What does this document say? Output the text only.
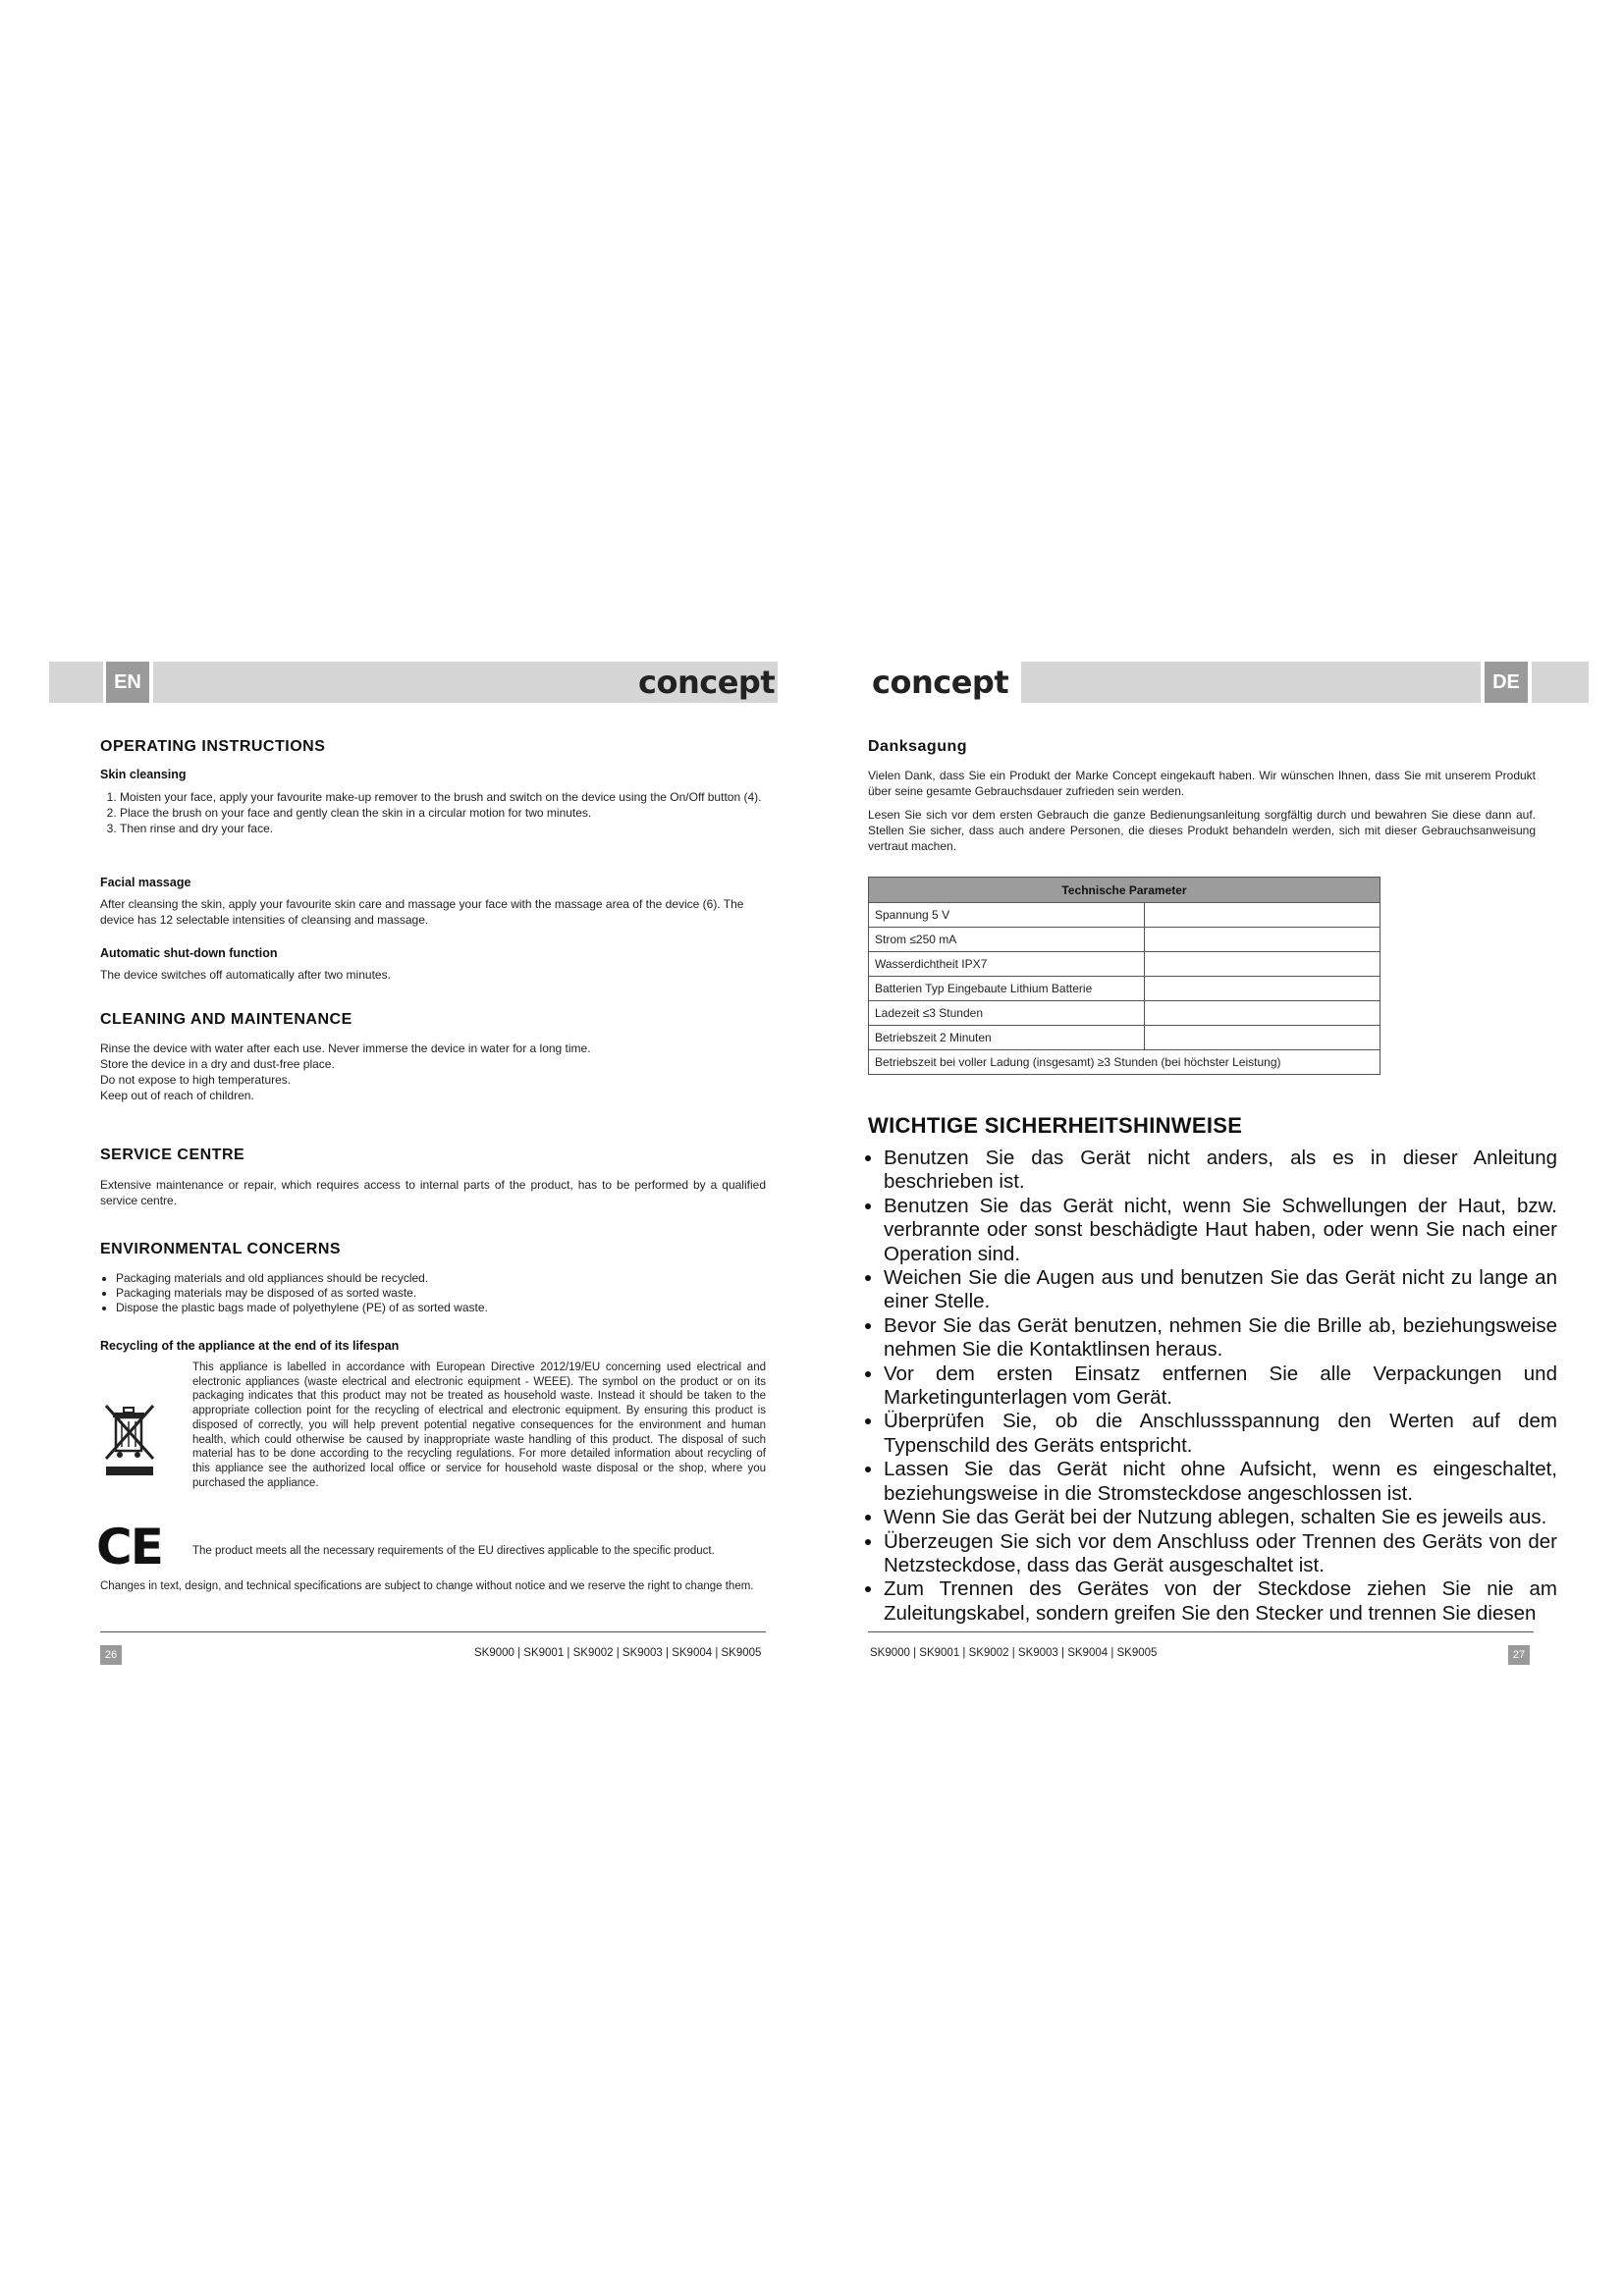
EN	concept	concept	DE
OPERATING INSTRUCTIONS
Skin cleansing
1. Moisten your face, apply your favourite make-up remover to the brush and switch on the device using the On/Off button (4).
2. Place the brush on your face and gently clean the skin in a circular motion for two minutes.
3. Then rinse and dry your face.
Facial massage

After cleansing the skin, apply your favourite skin care and massage your face with the massage area of the device (6). The device has 12 selectable intensities of cleansing and massage.

Automatic shut-down function

The device switches off automatically after two minutes.

CLEANING AND MAINTENANCE
Rinse the device with water after each use. Never immerse the device in water for a long time.
Store the device in a dry and dust-free place.
Do not expose to high temperatures.
Keep out of reach of children.
SERVICE CENTRE

Extensive maintenance or repair, which requires access to internal parts of the product, has to be performed by a qualified service centre.

ENVIRONMENTAL CONCERNS
• Packaging materials and old appliances should be recycled.
• Packaging materials may be disposed of as sorted waste.
• Dispose the plastic bags made of polyethylene (PE) of as sorted waste.
Recycling of the appliance at the end of its lifespan

This appliance is labelled in accordance with European Directive 2012/19/EU concerning used electrical and electronic appliances (waste electrical and electronic equipment - WEEE). The symbol on the product or on its packaging indicates that this product may not be treated as household waste. Instead it should be taken to the appropriate collection point for the recycling of electrical and electronic equipment. By ensuring this product is disposed of correctly, you will help prevent potential negative consequences for the environment and human health, which could otherwise be caused by inappropriate waste handling of this product. The disposal of such material has to be done according to the recycling regulations. For more detailed information about recycling of this appliance see the authorized local office or service for household waste disposal or the shop, where you purchased the appliance.

CE	The product meets all the necessary requirements of the EU directives applicable to the specific product.

Changes in text, design, and technical specifications are subject to change without notice and we reserve the right to change them.

26	SK9000 | SK9001 | SK9002 | SK9003 | SK9004 | SK9005
Danksagung

Vielen Dank, dass Sie ein Produkt der Marke Concept eingekauft haben. Wir wünschen Ihnen, dass Sie mit unserem Produkt über seine gesamte Gebrauchsdauer zufrieden sein werden.

Lesen Sie sich vor dem ersten Gebrauch die ganze Bedienungsanleitung sorgfältig durch und bewahren Sie diese dann auf. Stellen Sie sicher, dass auch andere Personen, die dieses Produkt behandeln werden, sich mit dieser Gebrauchsanweisung vertraut machen.

Technische Parameter	
Spannung 5 V	
Strom ≤250 mA	
Wasserdichtheit IPX7	
Batterien Typ Eingebaute Lithium Batterie	
Ladezeit ≤3 Stunden	
Betriebszeit 2 Minuten	
Betriebszeit bei voller Ladung (insgesamt) ≥3 Stunden (bei höchster Leistung)	
WICHTIGE SICHERHEITSHINWEISE
• Benutzen Sie das Gerät nicht anders, als es in dieser Anleitung beschrieben ist.
• Benutzen Sie das Gerät nicht, wenn Sie Schwellungen der Haut, bzw. verbrannte oder sonst beschädigte Haut haben, oder wenn Sie nach einer Operation sind.
• Weichen Sie die Augen aus und benutzen Sie das Gerät nicht zu lange an einer Stelle.
• Bevor Sie das Gerät benutzen, nehmen Sie die Brille ab, beziehungsweise nehmen Sie die Kontaktlinsen heraus.
• Vor dem ersten Einsatz entfernen Sie alle Verpackungen und Marketingunterlagen vom Gerät.
• Überprüfen Sie, ob die Anschlussspannung den Werten auf dem Typenschild des Geräts entspricht.
• Lassen Sie das Gerät nicht ohne Aufsicht, wenn es eingeschaltet, beziehungsweise in die Stromsteckdose angeschlossen ist.
• Wenn Sie das Gerät bei der Nutzung ablegen, schalten Sie es jeweils aus.
• Überzeugen Sie sich vor dem Anschluss oder Trennen des Geräts von der Netzsteckdose, dass das Gerät ausgeschaltet ist.
• Zum Trennen des Gerätes von der Steckdose ziehen Sie nie am Zuleitungskabel, sondern greifen Sie den Stecker und trennen Sie diesen
SK9000 | SK9001 | SK9002 | SK9003 | SK9004 | SK9005	27
